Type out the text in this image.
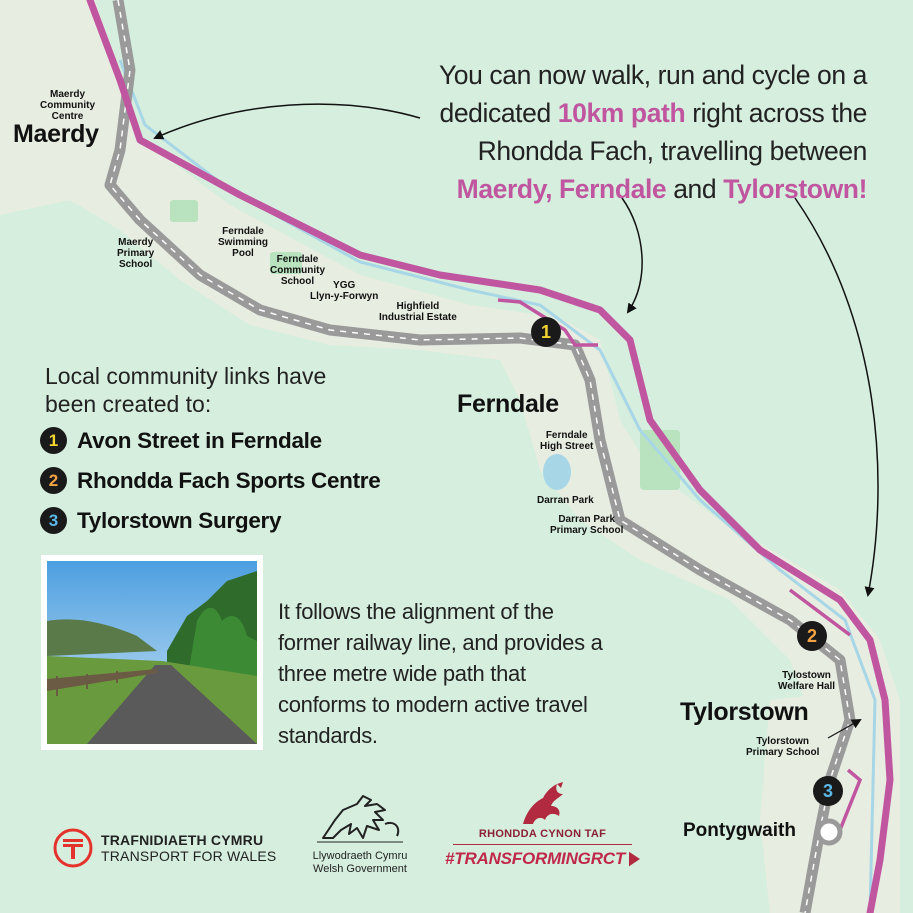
Maerdy
Community
Centre
Maerdy
Primary
School
Ferndale
Swimming
Pool
Ferndale
Community
School	YGG
Llyn-y-Forwyn
Highfield
Industrial Estate
Ferndale
High Street
Darran Park
Darran Park
Primary School
Tylostown
Welfare Hall
Tylorstown
Primary School
Maerdy
Ferndale
Tylorstown
Pontygwaith
1
2
3
You can now walk, run and cycle on a dedicated 10km path right across the Rhondda Fach, travelling between Maerdy, Ferndale and Tylorstown!
Local community links have been created to:
1 Avon Street in Ferndale
2 Rhondda Fach Sports Centre
3 Tylorstown Surgery
It follows the alignment of the former railway line, and provides a three metre wide path that conforms to modern active travel standards.
TRAFNIDIAETH CYMRU
TRANSPORT FOR WALES	Llywodraeth Cymru
Welsh Government
RHONDDA CYNON TAF
#TRANSFORMING RCT
